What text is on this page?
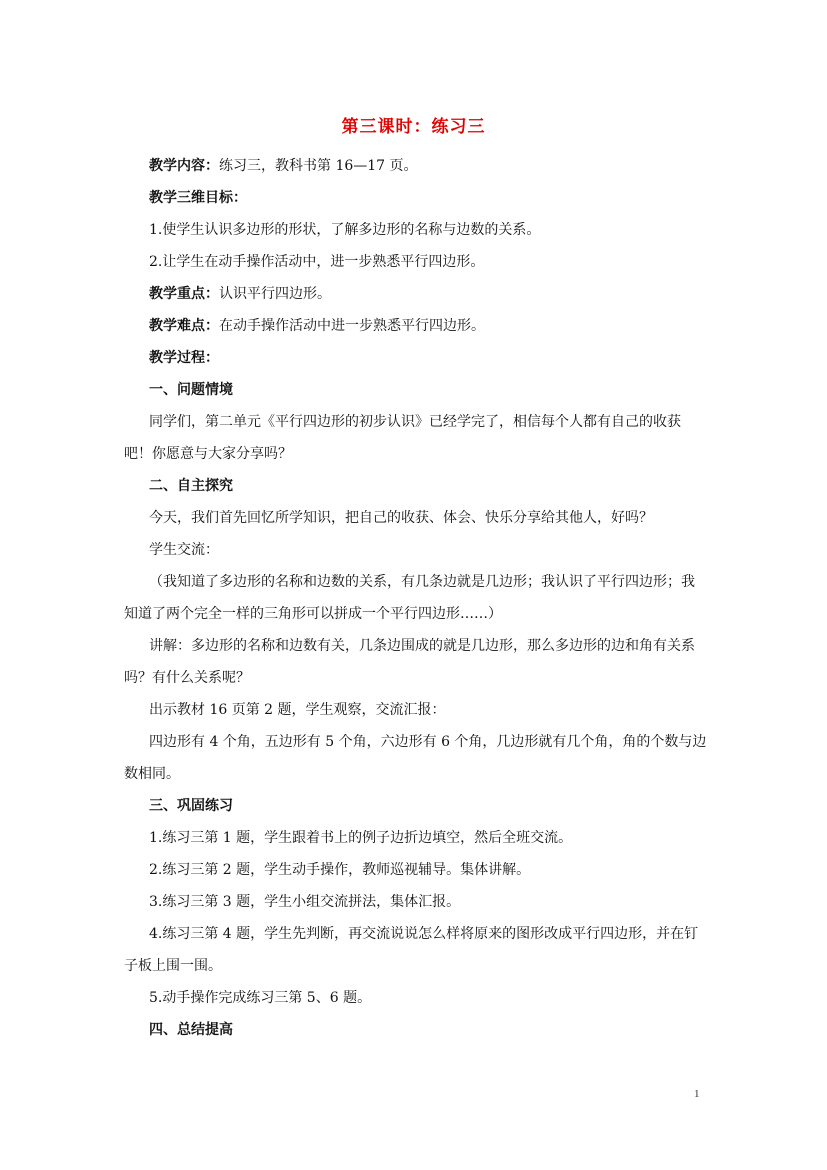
第三课时：练习三

教学内容：练习三，教科书第 16—17 页。

教学三维目标：

1.使学生认识多边形的形状，了解多边形的名称与边数的关系。

2.让学生在动手操作活动中，进一步熟悉平行四边形。

教学重点：认识平行四边形。

教学难点：在动手操作活动中进一步熟悉平行四边形。

教学过程：

一、问题情境

同学们，第二单元《平行四边形的初步认识》已经学完了，相信每个人都有自己的收获吧！你愿意与大家分享吗？

二、自主探究

今天，我们首先回忆所学知识，把自己的收获、体会、快乐分享给其他人，好吗？

学生交流：

（我知道了多边形的名称和边数的关系，有几条边就是几边形；我认识了平行四边形；我知道了两个完全一样的三角形可以拼成一个平行四边形……）

讲解：多边形的名称和边数有关，几条边围成的就是几边形，那么多边形的边和角有关系吗？有什么关系呢？

出示教材 16 页第 2 题，学生观察，交流汇报：

四边形有 4 个角，五边形有 5 个角，六边形有 6 个角，几边形就有几个角，角的个数与边数相同。

三、巩固练习

1.练习三第 1 题，学生跟着书上的例子边折边填空，然后全班交流。

2.练习三第 2 题，学生动手操作，教师巡视辅导。集体讲解。

3.练习三第 3 题，学生小组交流拼法，集体汇报。

4.练习三第 4 题，学生先判断，再交流说说怎么样将原来的图形改成平行四边形，并在钉子板上围一围。

5.动手操作完成练习三第 5、6 题。

四、总结提高

1
